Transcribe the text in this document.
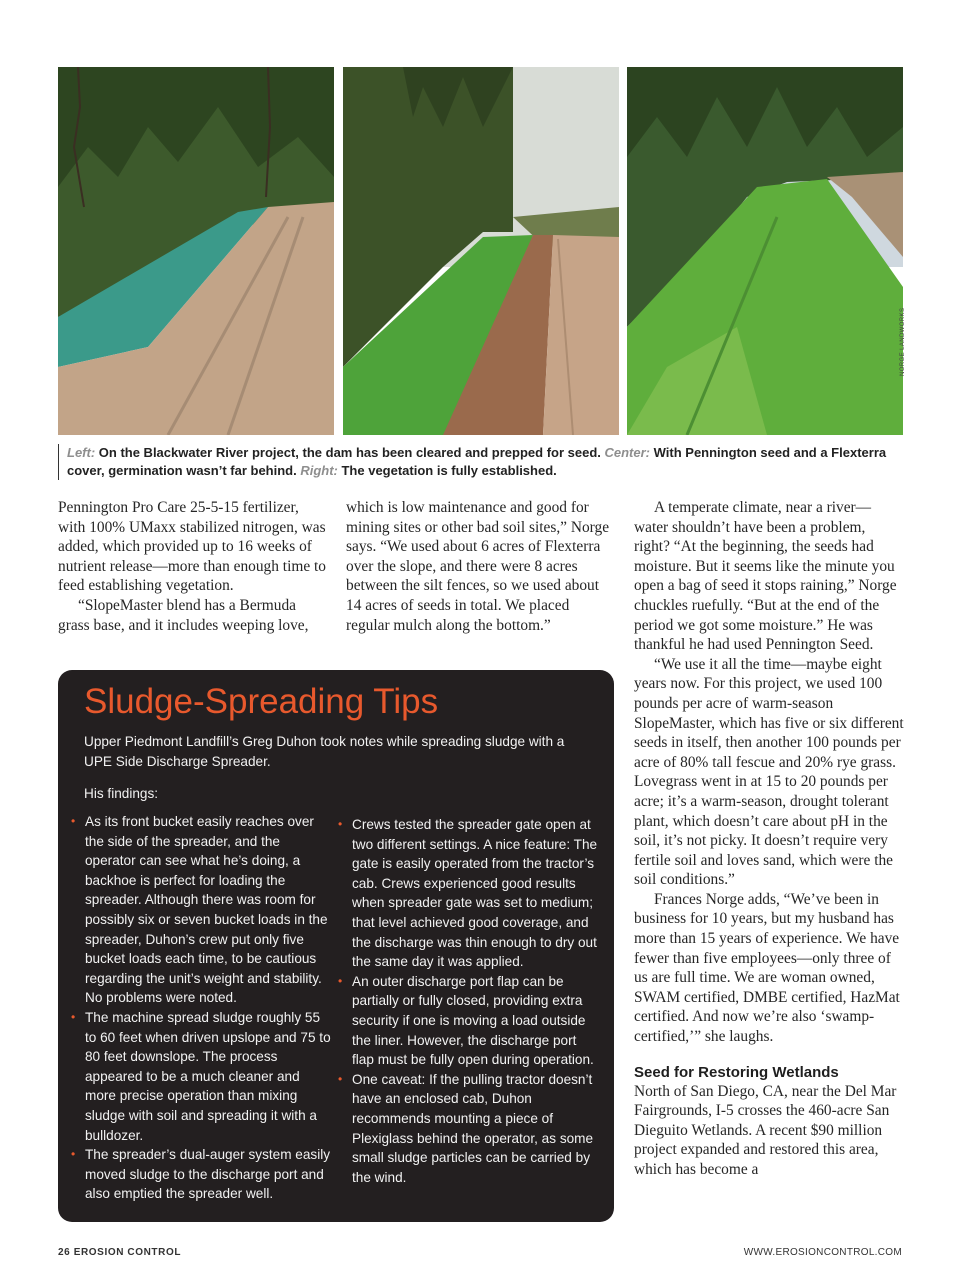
NORGE LANDWORKS
Left: On the Blackwater River project, the dam has been cleared and prepped for seed. Center: With Pennington seed and a Flexterra cover, germination wasn’t far behind. Right: The vegetation is fully established.

Pennington Pro Care 25-5-15 fertilizer, with 100% UMaxx stabilized nitrogen, was added, which provided up to 16 weeks of nutrient release—more than enough time to feed establishing vegetation.

“SlopeMaster blend has a Bermuda grass base, and it includes weeping love,

which is low maintenance and good for mining sites or other bad soil sites,” Norge says. “We used about 6 acres of Flexterra over the slope, and there were 8 acres between the silt fences, so we used about 14 acres of seeds in total. We placed regular mulch along the bottom.”

A temperate climate, near a river—water shouldn’t have been a problem, right? “At the beginning, the seeds had moisture. But it seems like the minute you open a bag of seed it stops raining,” Norge chuckles ruefully. “But at the end of the period we got some moisture.” He was thankful he had used Pennington Seed.

“We use it all the time—maybe eight years now. For this project, we used 100 pounds per acre of warm-season SlopeMaster, which has five or six different seeds in itself, then another 100 pounds per acre of 80% tall fescue and 20% rye grass. Lovegrass went in at 15 to 20 pounds per acre; it’s a warm-season, drought tolerant plant, which doesn’t care about pH in the soil, it’s not picky. It doesn’t require very fertile soil and loves sand, which were the soil conditions.”

Frances Norge adds, “We’ve been in business for 10 years, but my husband has more than 15 years of experience. We have fewer than five employees—only three of us are full time. We are woman owned, SWAM certified, DMBE certified, HazMat certified. And now we’re also ‘swamp-certified,’” she laughs.

Seed for Restoring Wetlands

North of San Diego, CA, near the Del Mar Fairgrounds, I-5 crosses the 460-acre San Dieguito Wetlands. A recent $90 million project expanded and restored this area, which has become a

Sludge-Spreading Tips
Upper Piedmont Landfill’s Greg Duhon took notes while spreading sludge with a UPE Side Discharge Spreader.
His findings:
• As its front bucket easily reaches over the side of the spreader, and the operator can see what he’s doing, a backhoe is perfect for loading the spreader. Although there was room for possibly six or seven bucket loads in the spreader, Duhon’s crew put only five bucket loads each time, to be cautious regarding the unit’s weight and stability. No problems were noted.
• The machine spread sludge roughly 55 to 60 feet when driven upslope and 75 to 80 feet downslope. The process appeared to be a much cleaner and more precise operation than mixing sludge with soil and spreading it with a bulldozer.
• The spreader’s dual-auger system easily moved sludge to the discharge port and also emptied the spreader well.
• Crews tested the spreader gate open at two different settings. A nice feature: The gate is easily operated from the tractor’s cab. Crews experienced good results when spreader gate was set to medium; that level achieved good coverage, and the discharge was thin enough to dry out the same day it was applied.
• An outer discharge port flap can be partially or fully closed, providing extra security if one is moving a load outside the liner. However, the discharge port flap must be fully open during operation.
• One caveat: If the pulling tractor doesn’t have an enclosed cab, Duhon recommends mounting a piece of Plexiglass behind the operator, as some small sludge particles can be carried by the wind.
26 EROSION CONTROL	WWW.EROSIONCONTROL.COM
